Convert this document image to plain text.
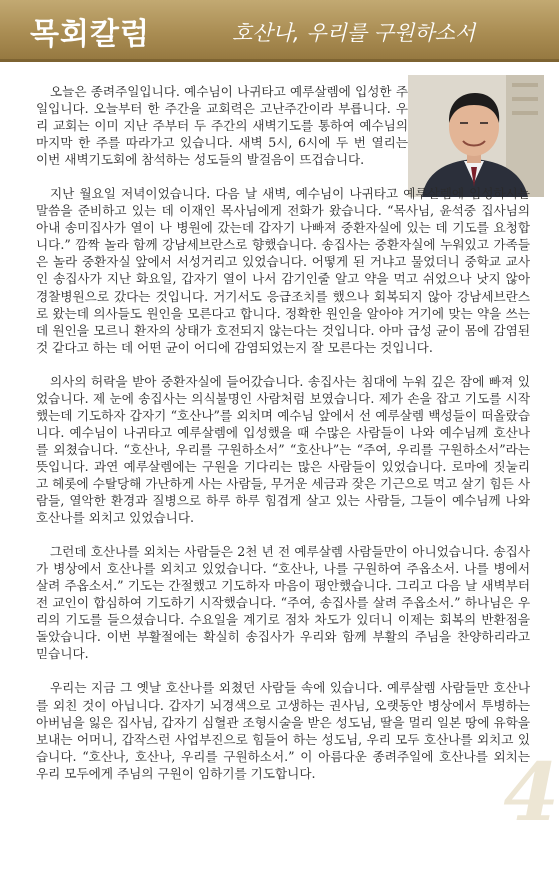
목회칼럼	호산나, 우리를 구원하소서

오늘은 종려주일입니다. 예수님이 나귀타고 예루살렘에 입성한 주일입니다. 오늘부터 한 주간을 교회력은 고난주간이라 부릅니다. 우리 교회는 이미 지난 주부터 두 주간의 새벽기도를 통하여 예수님의 마지막 한 주를 따라가고 있습니다. 새벽 5시, 6시에 두 번 열리는 이번 새벽기도회에 참석하는 성도들의 발걸음이 뜨겁습니다.

지난 월요일 저녁이었습니다. 다음 날 새벽, 예수님이 나귀타고 예루살렘에 입성하시는 말씀을 준비하고 있는 데 이재인 목사님에게 전화가 왔습니다. “목사님, 윤석중 집사님의 아내 송미집사가 열이 나 병원에 갔는데 갑자기 나빠져 중환자실에 있는 데 기도를 요청합니다.” 깜짝 놀라 함께 강남세브란스로 향했습니다. 송집사는 중환자실에 누워있고 가족들은 놀라 중환자실 앞에서 서성거리고 있었습니다. 어떻게 된 거냐고 물었더니 중학교 교사인 송집사가 지난 화요일, 갑자기 열이 나서 감기인줄 알고 약을 먹고 쉬었으나 낫지 않아 경찰병원으로 갔다는 것입니다. 거기서도 응급조치를 했으나 회복되지 않아 강남세브란스로 왔는데 의사들도 원인을 모른다고 합니다. 정확한 원인을 알아야 거기에 맞는 약을 쓰는 데 원인을 모르니 환자의 상태가 호전되지 않는다는 것입니다. 아마 급성 균이 몸에 감염된 것 같다고 하는 데 어떤 균이 어디에 감염되었는지 잘 모른다는 것입니다.

의사의 허락을 받아 중환자실에 들어갔습니다. 송집사는 침대에 누워 깊은 잠에 빠져 있었습니다. 제 눈에 송집사는 의식불명인 사람처럼 보였습니다. 제가 손을 잡고 기도를 시작했는데 기도하자 갑자기 “호산나”를 외치며 예수님 앞에서 선 예루살렘 백성들이 떠올랐습니다. 예수님이 나귀타고 예루살렘에 입성했을 때 수많은 사람들이 나와 예수님께 호산나를 외쳤습니다. “호산나, 우리를 구원하소서” “호산나”는 “주여, 우리를 구원하소서”라는 뜻입니다. 과연 예루살렘에는 구원을 기다리는 많은 사람들이 있었습니다. 로마에 짓눌리고 헤롯에 수탈당해 가난하게 사는 사람들, 무거운 세금과 잦은 기근으로 먹고 살기 힘든 사람들, 열악한 환경과 질병으로 하루 하루 힘겹게 살고 있는 사람들, 그들이 예수님께 나와 호산나를 외치고 있었습니다.

그런데 호산나를 외치는 사람들은 2천 년 전 예루살렘 사람들만이 아니었습니다. 송집사가 병상에서 호산나를 외치고 있었습니다. “호산나, 나를 구원하여 주옵소서. 나를 병에서 살려 주옵소서.” 기도는 간절했고 기도하자 마음이 평안했습니다. 그리고 다음 날 새벽부터 전 교인이 합심하여 기도하기 시작했습니다. “주여, 송집사를 살려 주옵소서.” 하나님은 우리의 기도를 들으셨습니다. 수요일을 계기로 점차 차도가 있더니 이제는 회복의 반환점을 돌았습니다. 이번 부활절에는 확실히 송집사가 우리와 함께 부활의 주님을 찬양하리라고 믿습니다.

우리는 지금 그 옛날 호산나를 외쳤던 사람들 속에 있습니다. 예루살렘 사람들만 호산나를 외친 것이 아닙니다. 갑자기 뇌경색으로 고생하는 권사님, 오랫동안 병상에서 투병하는 아버님을 잃은 집사님, 갑자기 심혈관 조형시술을 받은 성도님, 딸을 멀리 일본 땅에 유학을 보내는 어머니, 갑작스런 사업부진으로 힘들어 하는 성도님, 우리 모두 호산나를 외치고 있습니다. “호산나, 호산나, 우리를 구원하소서.” 이 아름다운 종려주일에 호산나를 외치는 우리 모두에게 주님의 구원이 임하기를 기도합니다.	4
